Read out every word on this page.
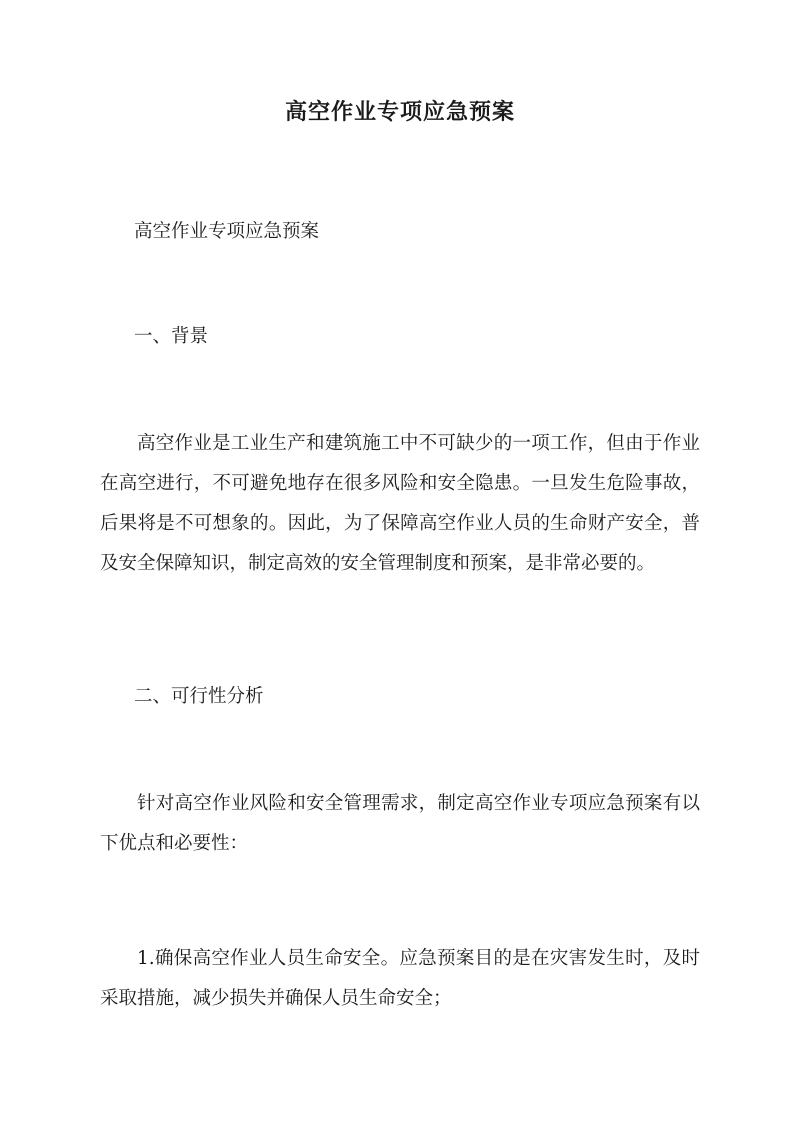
高空作业专项应急预案

高空作业专项应急预案

一、背景

高空作业是工业生产和建筑施工中不可缺少的一项工作，但由于作业在高空进行，不可避免地存在很多风险和安全隐患。一旦发生危险事故，后果将是不可想象的。因此，为了保障高空作业人员的生命财产安全，普及安全保障知识，制定高效的安全管理制度和预案，是非常必要的。

二、可行性分析

针对高空作业风险和安全管理需求，制定高空作业专项应急预案有以下优点和必要性：

1.确保高空作业人员生命安全。应急预案目的是在灾害发生时，及时采取措施，减少损失并确保人员生命安全；
